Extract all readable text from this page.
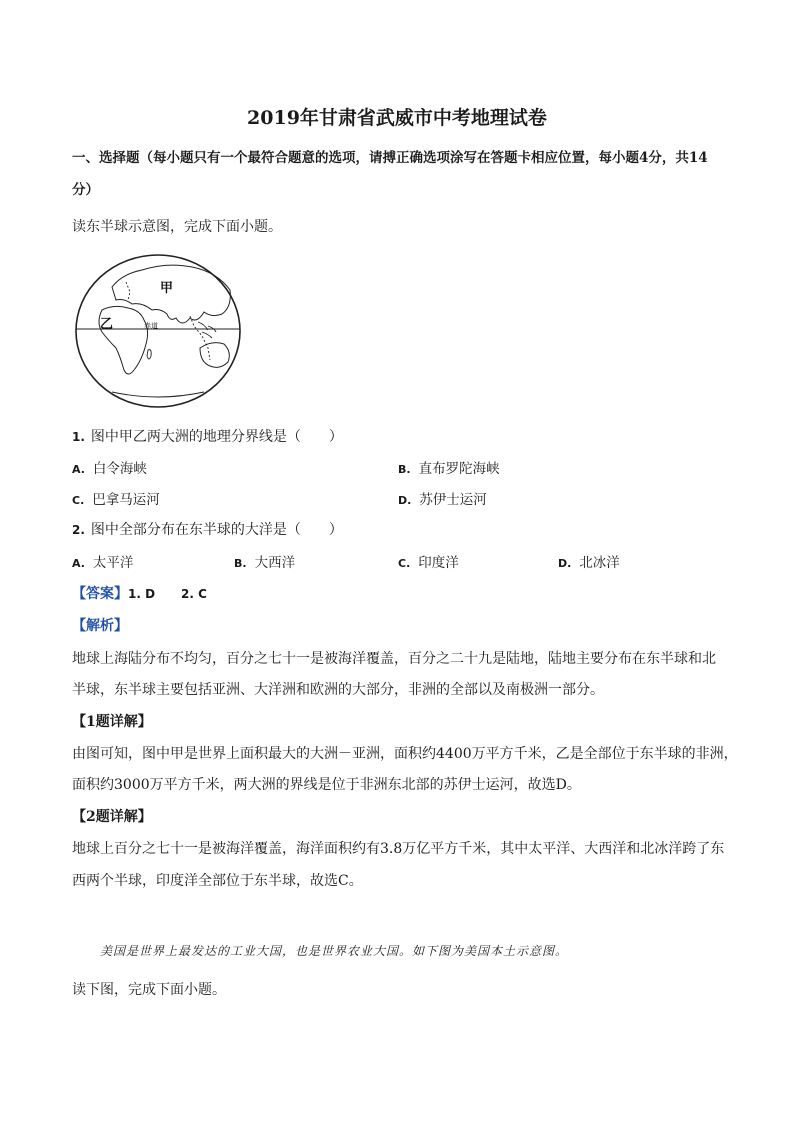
2019年甘肃省武威市中考地理试卷
一、选择题（每小题只有一个最符合题意的选项，请搏正确选项涂写在答题卡相应位置，每小题4分，共14
分）
读东半球示意图，完成下面小题。
甲
乙	赤道
1. 图中甲乙两大洲的地理分界线是（　　）
A. 白令海峡	B. 直布罗陀海峡
C. 巴拿马运河	D. 苏伊士运河
2. 图中全部分布在东半球的大洋是（　　）
A. 太平洋	B. 大西洋	C. 印度洋	D. 北冰洋
【答案】1. D 2. C
【解析】
地球上海陆分布不均匀，百分之七十一是被海洋覆盖，百分之二十九是陆地，陆地主要分布在东半球和北
半球，东半球主要包括亚洲、大洋洲和欧洲的大部分，非洲的全部以及南极洲一部分。
【1题详解】
由图可知，图中甲是世界上面积最大的大洲－亚洲，面积约4400万平方千米，乙是全部位于东半球的非洲，
面积约3000万平方千米，两大洲的界线是位于非洲东北部的苏伊士运河，故选D。
【2题详解】
地球上百分之七十一是被海洋覆盖，海洋面积约有3.8万亿平方千米，其中太平洋、大西洋和北冰洋跨了东
西两个半球，印度洋全部位于东半球，故选C。
美国是世界上最发达的工业大国，也是世界农业大国。如下图为美国本土示意图。
读下图，完成下面小题。
